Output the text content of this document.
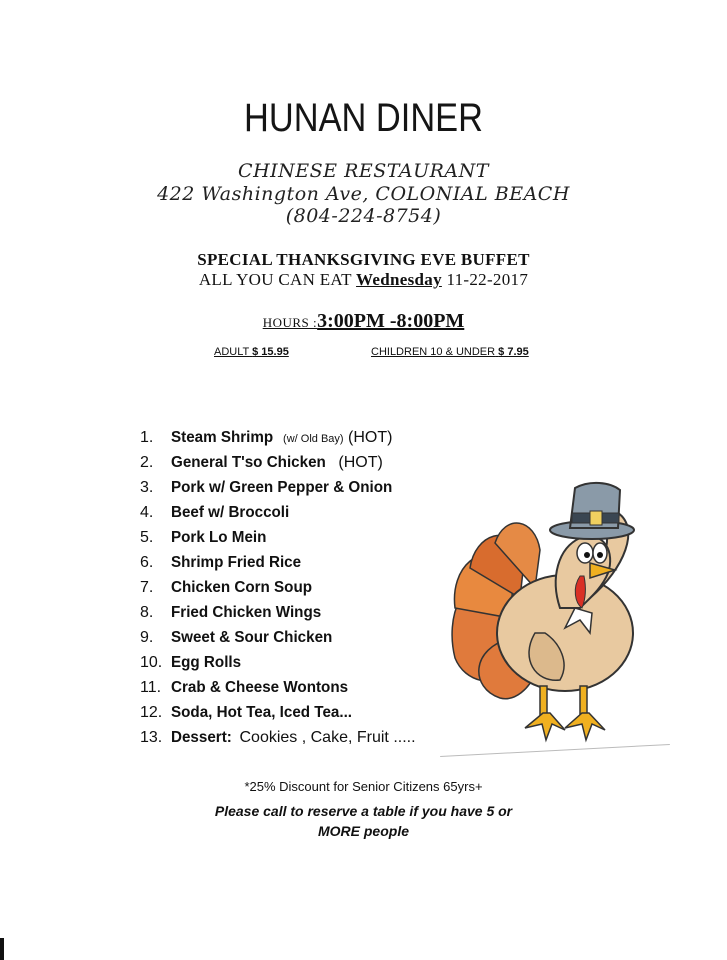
HUNAN DINER
CHINESE RESTAURANT
422 Washington Ave, COLONIAL BEACH
(804-224-8754)
SPECIAL THANKSGIVING EVE BUFFET
ALL YOU CAN EAT Wednesday 11-22-2017
HOURS :3:00PM -8:00PM
ADULT $ 15.95	CHILDREN 10 & UNDER $ 7.95
1. Steam Shrimp (w/ Old Bay) (HOT)
2. General T'so Chicken (HOT)
3. Pork w/ Green Pepper & Onion
4. Beef w/ Broccoli
5. Pork Lo Mein
6. Shrimp Fried Rice
7. Chicken Corn Soup
8. Fried Chicken Wings
9. Sweet & Sour Chicken
10. Egg Rolls
11. Crab & Cheese Wontons
12. Soda, Hot Tea, Iced Tea...
13. Dessert: Cookies , Cake, Fruit .....
*25% Discount for Senior Citizens 65yrs+
Please call to reserve a table if you have 5 or
MORE people
